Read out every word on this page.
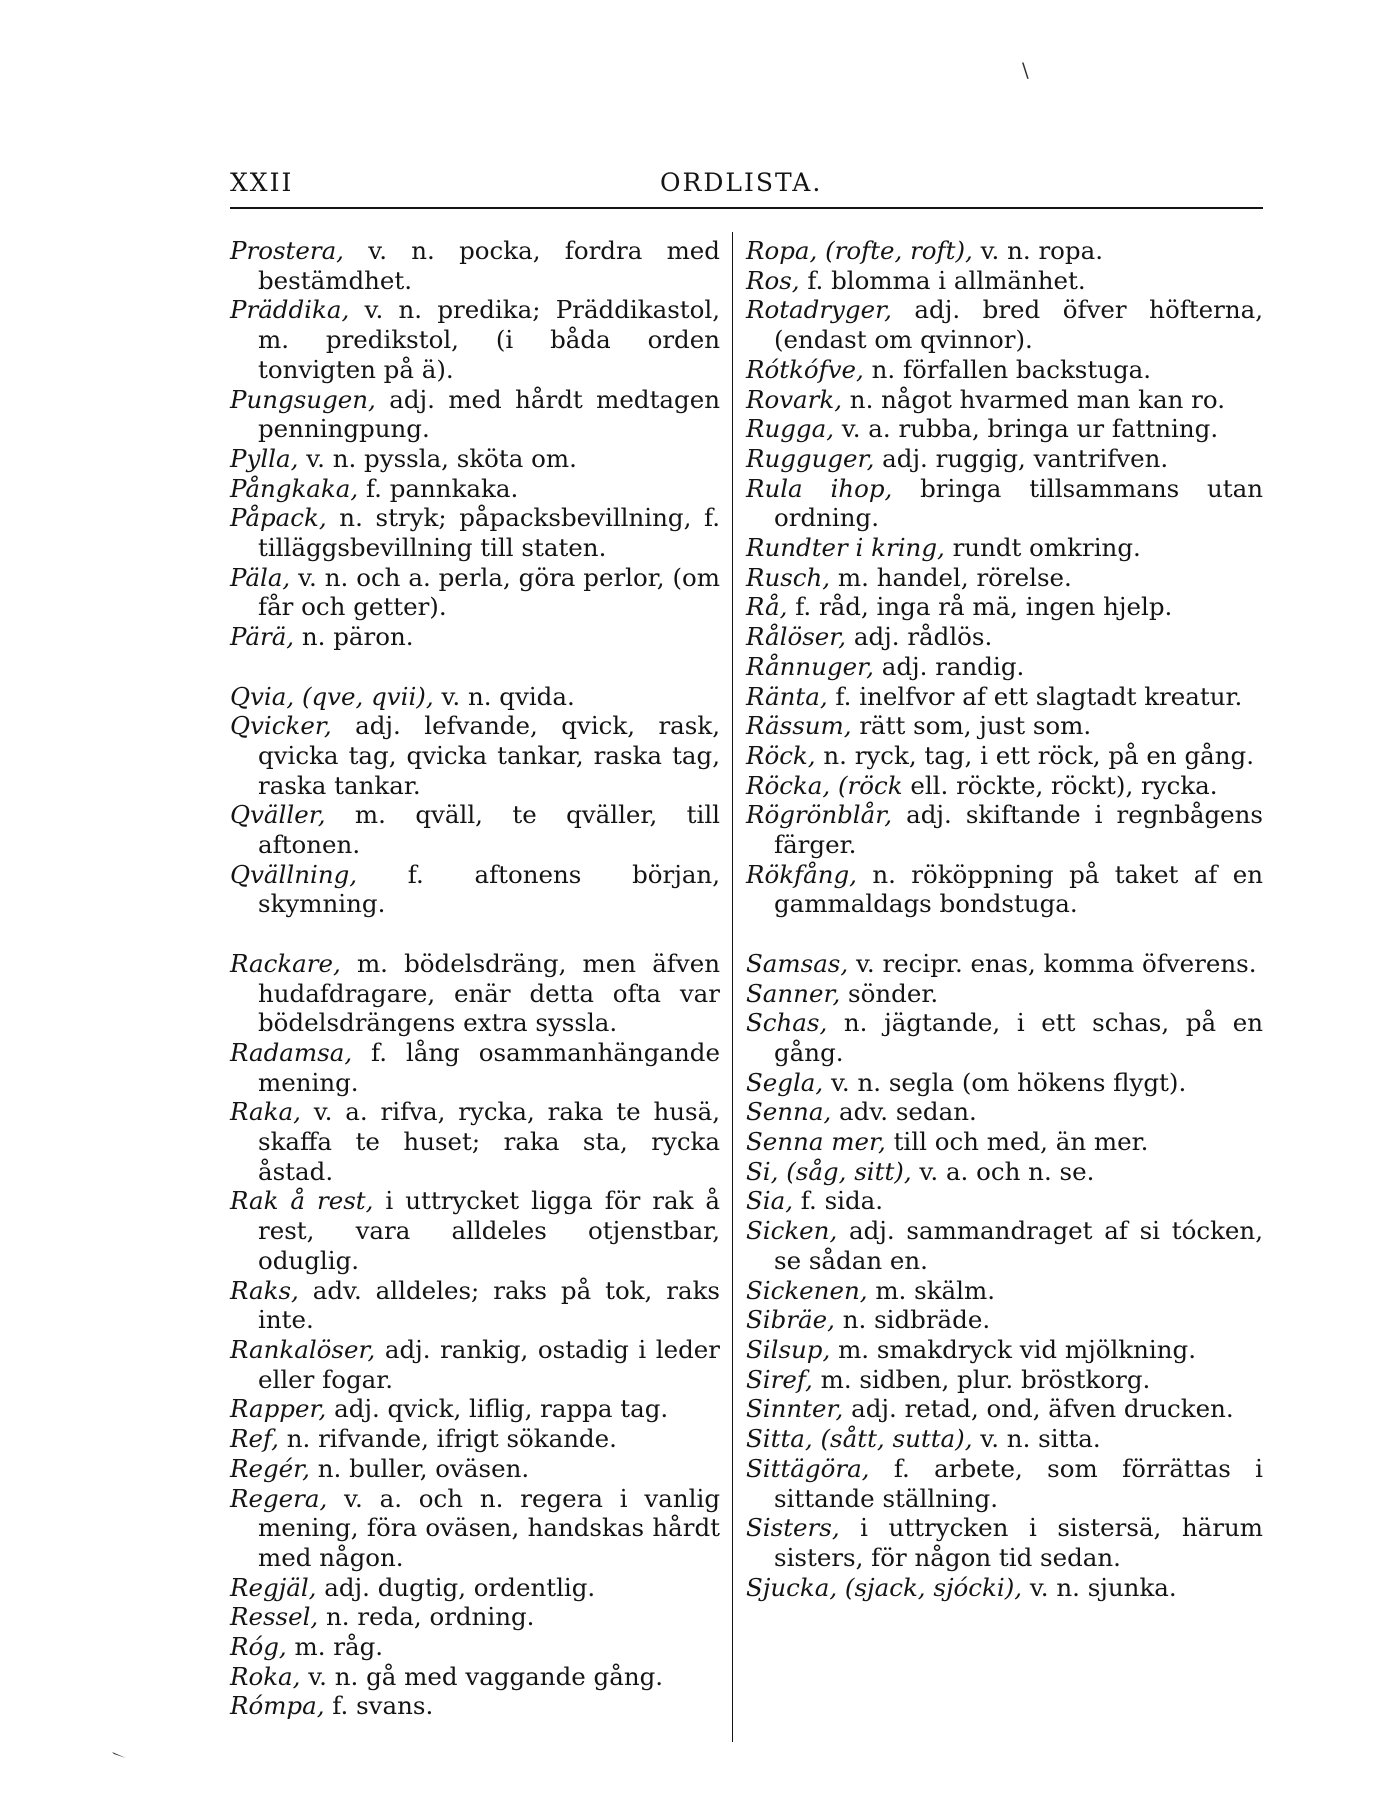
\
XXII	ORDLISTA.
Prostera, v. n. pocka, fordra med bestämdhet.
Präddika, v. n. predika; Präddikastol, m. predikstol, (i båda orden tonvigten på ä).
Pungsugen, adj. med hårdt medtagen penningpung.
Pylla, v. n. pyssla, sköta om.
Pångkaka, f. pannkaka.
Påpack, n. stryk; påpacksbevillning, f. tilläggsbevillning till staten.
Päla, v. n. och a. perla, göra perlor, (om får och getter).
Pärä, n. päron.
Qvia, (qve, qvii), v. n. qvida.
Qvicker, adj. lefvande, qvick, rask, qvicka tag, qvicka tankar, raska tag, raska tankar.
Qväller, m. qväll, te qväller, till aftonen.
Qvällning, f. aftonens början, skymning.
Rackare, m. bödelsdräng, men äfven hudafdragare, enär detta ofta var bödelsdrängens extra syssla.
Radamsa, f. lång osammanhängande mening.
Raka, v. a. rifva, rycka, raka te husä, skaffa te huset; raka sta, rycka åstad.
Rak å rest, i uttrycket ligga för rak å rest, vara alldeles otjenstbar, oduglig.
Raks, adv. alldeles; raks på tok, raks inte.
Rankalöser, adj. rankig, ostadig i leder eller fogar.
Rapper, adj. qvick, liflig, rappa tag.
Ref, n. rifvande, ifrigt sökande.
Regér, n. buller, oväsen.
Regera, v. a. och n. regera i vanlig mening, föra oväsen, handskas hårdt med någon.
Regjäl, adj. dugtig, ordentlig.
Ressel, n. reda, ordning.
Róg, m. råg.
Roka, v. n. gå med vaggande gång.
Rómpa, f. svans.
Ropa, (rofte, roft), v. n. ropa.
Ros, f. blomma i allmänhet.
Rotadryger, adj. bred öfver höfterna, (endast om qvinnor).
Rótkófve, n. förfallen backstuga.
Rovark, n. något hvarmed man kan ro.
Rugga, v. a. rubba, bringa ur fattning.
Rugguger, adj. ruggig, vantrifven.
Rula ihop, bringa tillsammans utan ordning.
Rundter i kring, rundt omkring.
Rusch, m. handel, rörelse.
Rå, f. råd, inga rå mä, ingen hjelp.
Rålöser, adj. rådlös.
Rånnuger, adj. randig.
Ränta, f. inelfvor af ett slagtadt kreatur.
Rässum, rätt som, just som.
Röck, n. ryck, tag, i ett röck, på en gång.
Röcka, (röck ell. röckte, röckt), rycka.
Rögrönblår, adj. skiftande i regnbågens färger.
Rökfång, n. rököppning på taket af en gammaldags bondstuga.
Samsas, v. recipr. enas, komma öfverens.
Sanner, sönder.
Schas, n. jägtande, i ett schas, på en gång.
Segla, v. n. segla (om hökens flygt).
Senna, adv. sedan.
Senna mer, till och med, än mer.
Si, (såg, sitt), v. a. och n. se.
Sia, f. sida.
Sicken, adj. sammandraget af si tócken, se sådan en.
Sickenen, m. skälm.
Sibräe, n. sidbräde.
Silsup, m. smakdryck vid mjölkning.
Siref, m. sidben, plur. bröstkorg.
Sinnter, adj. retad, ond, äfven drucken.
Sitta, (sått, sutta), v. n. sitta.
Sittägöra, f. arbete, som förrättas i sittande ställning.
Sisters, i uttrycken i sistersä, härum sisters, för någon tid sedan.
Sjucka, (sjack, sjócki), v. n. sjunka.
